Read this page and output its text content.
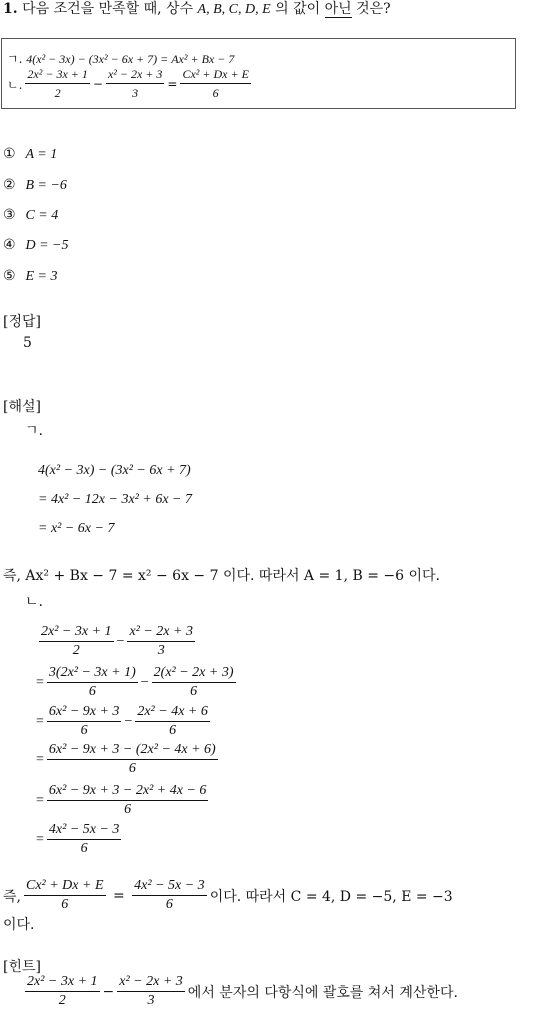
1. 다음 조건을 만족할 때, 상수 A, B, C, D, E 의 값이 아닌 것은?
ㄱ. 4(x² − 3x) − (3x² − 6x + 7) = Ax² + Bx − 7
ㄴ. $\frac{\text{2x² − 3x + 1}}{2} - \frac{\text{x² − 2x + 3}}{3} = \frac{\text{Cx² + Dx + E}}{6}$
① A = 1
② B = −6
③ C = 4
④ D = −5
⑤ E = 3
[정답]
5
[해설]
ㄱ.
4(x² − 3x) − (3x² − 6x + 7)
= 4x² − 12x − 3x² + 6x − 7
= x² − 6x − 7
즉, Ax² + Bx − 7 = x² − 6x − 7 이다. 따라서 A = 1, B = −6 이다.
ㄴ.
$\frac{\text{2x² − 3x + 1}}{2} - \frac{\text{x² − 2x + 3}}{3}$
= $\frac{\text{3(2x² − 3x + 1)}}{6} - \frac{\text{2(x² − 2x + 3)}}{6}$
= $\frac{\text{6x² − 9x + 3}}{6} - \frac{\text{2x² − 4x + 6}}{6}$
= $\frac{\text{6x² − 9x + 3 − (2x² − 4x + 6)}}{6}$
= $\frac{\text{6x² − 9x + 3 − 2x² + 4x − 6}}{6}$
= $\frac{\text{4x² − 5x − 3}}{6}$
즉, $\frac{\text{Cx² + Dx + E}}{6} = \frac{\text{4x² − 5x − 3}}{6}$ 이다. 따라서 C = 4, D = −5, E = −3
이다.
[힌트]
$\frac{\text{2x² − 3x + 1}}{2} - \frac{\text{x² − 2x + 3}}{3}$ 에서 분자의 다항식에 괄호를 쳐서 계산한다.
